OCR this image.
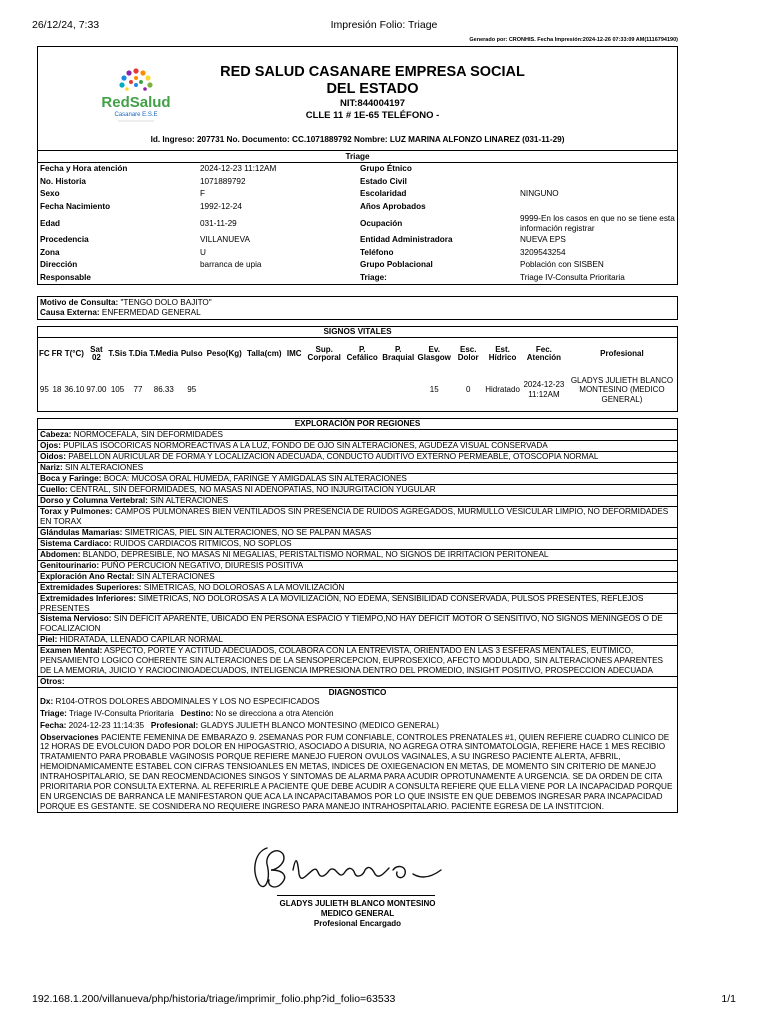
26/12/24, 7:33	Impresión Folio: Triage
Generado por: CRONHIS. Fecha Impresión:2024-12-26 07:33:09 AM(1116794190)
RedSalud
Casanare E.S.E
RED SALUD CASANARE EMPRESA SOCIAL
DEL ESTADO
NIT:844004197
CLLE 11 # 1E-65 TELÉFONO -
Id. Ingreso: 207731 No. Documento: CC.1071889792 Nombre: LUZ MARINA ALFONZO LINAREZ (031-11-29)
Triage
Fecha y Hora atención	2024-12-23 11:12AM	Grupo Étnico	
No. Historia	1071889792	Estado Civil	
Sexo	F	Escolaridad	NINGUNO
Fecha Nacimiento	1992-12-24	Años Aprobados	
Edad	031-11-29	Ocupación	9999-En los casos en que no se tiene esta información registrar
Procedencia	VILLANUEVA	Entidad Administradora	NUEVA EPS
Zona	U	Teléfono	3209543254
Dirección	barranca de upia	Grupo Poblacional	Población con SISBEN
Responsable		Triage:	Triage IV-Consulta Prioritaria
Motivo de Consulta: "TENGO DOLO BAJITO"
Causa Externa: ENFERMEDAD GENERAL
SIGNOS VITALES
FC	FR	T(°C)	Sat 02	T.Sis	T.Dia	T.Media	Pulso	Peso(Kg)	Talla(cm)	IMC	Sup. Corporal	P. Cefálico	P. Braquial	Ev. Glasgow	Esc. Dolor	Est. Hídrico	Fec. Atención	Profesional
95	18	36.10	97.00	105	77	86.33	95							15	0	Hidratado	2024-12-23 11:12AM	GLADYS JULIETH BLANCO MONTESINO (MEDICO GENERAL)
EXPLORACIÓN POR REGIONES
Cabeza: NORMOCEFALA, SIN DEFORMIDADES
Ojos: PUPILAS ISOCORICAS NORMOREACTIVAS A LA LUZ, FONDO DE OJO SIN ALTERACIONES, AGUDEZA VISUAL CONSERVADA
Oidos: PABELLON AURICULAR DE FORMA Y LOCALIZACION ADECUADA, CONDUCTO AUDITIVO EXTERNO PERMEABLE, OTOSCOPIA NORMAL
Nariz: SIN ALTERACIONES
Boca y Faringe: BOCA: MUCOSA ORAL HUMEDA, FARINGE Y AMIGDALAS SIN ALTERACIONES
Cuello: CENTRAL, SIN DEFORMIDADES, NO MASAS NI ADENOPATIAS, NO INJURGITACION YUGULAR
Dorso y Columna Vertebral: SIN ALTERACIONES
Torax y Pulmones: CAMPOS PULMONARES BIEN VENTILADOS SIN PRESENCIA DE RUIDOS AGREGADOS, MURMULLO VESICULAR LIMPIO, NO DEFORMIDADES EN TORAX
Glándulas Mamarias: SIMETRICAS, PIEL SIN ALTERACIONES, NO SE PALPAN MASAS
Sistema Cardiaco: RUIDOS CARDIACOS RITMICOS, NO SOPLOS
Abdomen: BLANDO, DEPRESIBLE, NO MASAS NI MEGALIAS, PERISTALTISMO NORMAL, NO SIGNOS DE IRRITACION PERITONEAL
Genitourinario: PUÑO PERCUCION NEGATIVO, DIURESIS POSITIVA
Exploración Ano Rectal: SIN ALTERACIONES
Extremidades Superiores: SIMETRICAS, NO DOLOROSAS A LA MOVILIZACIÓN
Extremidades Inferiores: SIMETRICAS, NO DOLOROSAS A LA MOVILIZACIÓN, NO EDEMA, SENSIBILIDAD CONSERVADA, PULSOS PRESENTES, REFLEJOS PRESENTES
Sistema Nervioso: SIN DEFICIT APARENTE, UBICADO EN PERSONA ESPACIO Y TIEMPO,NO HAY DEFICIT MOTOR O SENSITIVO, NO SIGNOS MENINGEOS O DE FOCALIZACION
Piel: HIDRATADA, LLENADO CAPILAR NORMAL
Examen Mental: ASPECTO, PORTE Y ACTITUD ADECUADOS, COLABORA CON LA ENTREVISTA, ORIENTADO EN LAS 3 ESFERAS MENTALES, EUTIMICO, PENSAMIENTO LOGICO COHERENTE SIN ALTERACIONES DE LA SENSOPERCEPCION, EUPROSEXICO, AFECTO MODULADO, SIN ALTERACIONES APARENTES DE LA MEMORIA, JUICIO Y RACIOCINIOADECUADOS, INTELIGENCIA IMPRESIONA DENTRO DEL PROMEDIO, INSIGHT POSITIVO, PROSPECCION ADECUADA
Otros:
DIAGNOSTICO
Dx: R104-OTROS DOLORES ABDOMINALES Y LOS NO ESPECIFICADOS
Triage: Triage IV-Consulta Prioritaria Destino: No se direcciona a otra Atención
Fecha: 2024-12-23 11:14:35 Profesional: GLADYS JULIETH BLANCO MONTESINO (MEDICO GENERAL)
Observaciones PACIENTE FEMENINA DE EMBARAZO 9. 2SEMANAS POR FUM CONFIABLE, CONTROLES PRENATALES #1, QUIEN REFIERE CUADRO CLINICO DE 12 HORAS DE EVOLCUION DADO POR DOLOR EN HIPOGASTRIO, ASOCIADO A DISURIA, NO AGREGA OTRA SINTOMATOLOGIA, REFIERE HACE 1 MES RECIBIO TRATAMIENTO PARA PROBABLE VAGINOSIS PORQUE REFIERE MANEJO FUERON OVULOS VAGINALES, A SU INGRESO PACIENTE ALERTA, AFBRIL, HEMOIDNAMICAMENTE ESTABEL CON CIFRAS TENSIOANLES EN METAS, INDICES DE OXIEGENACION EN METAS, DE MOMENTO SIN CRITERIO DE MANEJO INTRAHOSPITALARIO, SE DAN REOCMENDACIONES SINGOS Y SINTOMAS DE ALARMA PARA ACUDIR OPROTUNAMENTE A URGENCIA. SE DA ORDEN DE CITA PRIORITARIA POR CONSULTA EXTERNA. AL REFERIRLE A PACIENTE QUE DEBE ACUDIR A CONSULTA REFIERE QUE ELLA VIENE POR LA INCAPACIDAD PORQUE EN URGENCIAS DE BARRANCA LE MANIFESTARON QUE ACA LA INCAPACITABAMOS POR LO QUE INSISTE EN QUE DEBEMOS INGRESAR PARA INCAPACIDAD PORQUE ES GESTANTE. SE COSNIDERA NO REQUIERE INGRESO PARA MANEJO INTRAHOSPITALARIO. PACIENTE EGRESA DE LA INSTITCION.
GLADYS JULIETH BLANCO MONTESINO
MEDICO GENERAL
Profesional Encargado
192.168.1.200/villanueva/php/historia/triage/imprimir_folio.php?id_folio=63533	1/1
